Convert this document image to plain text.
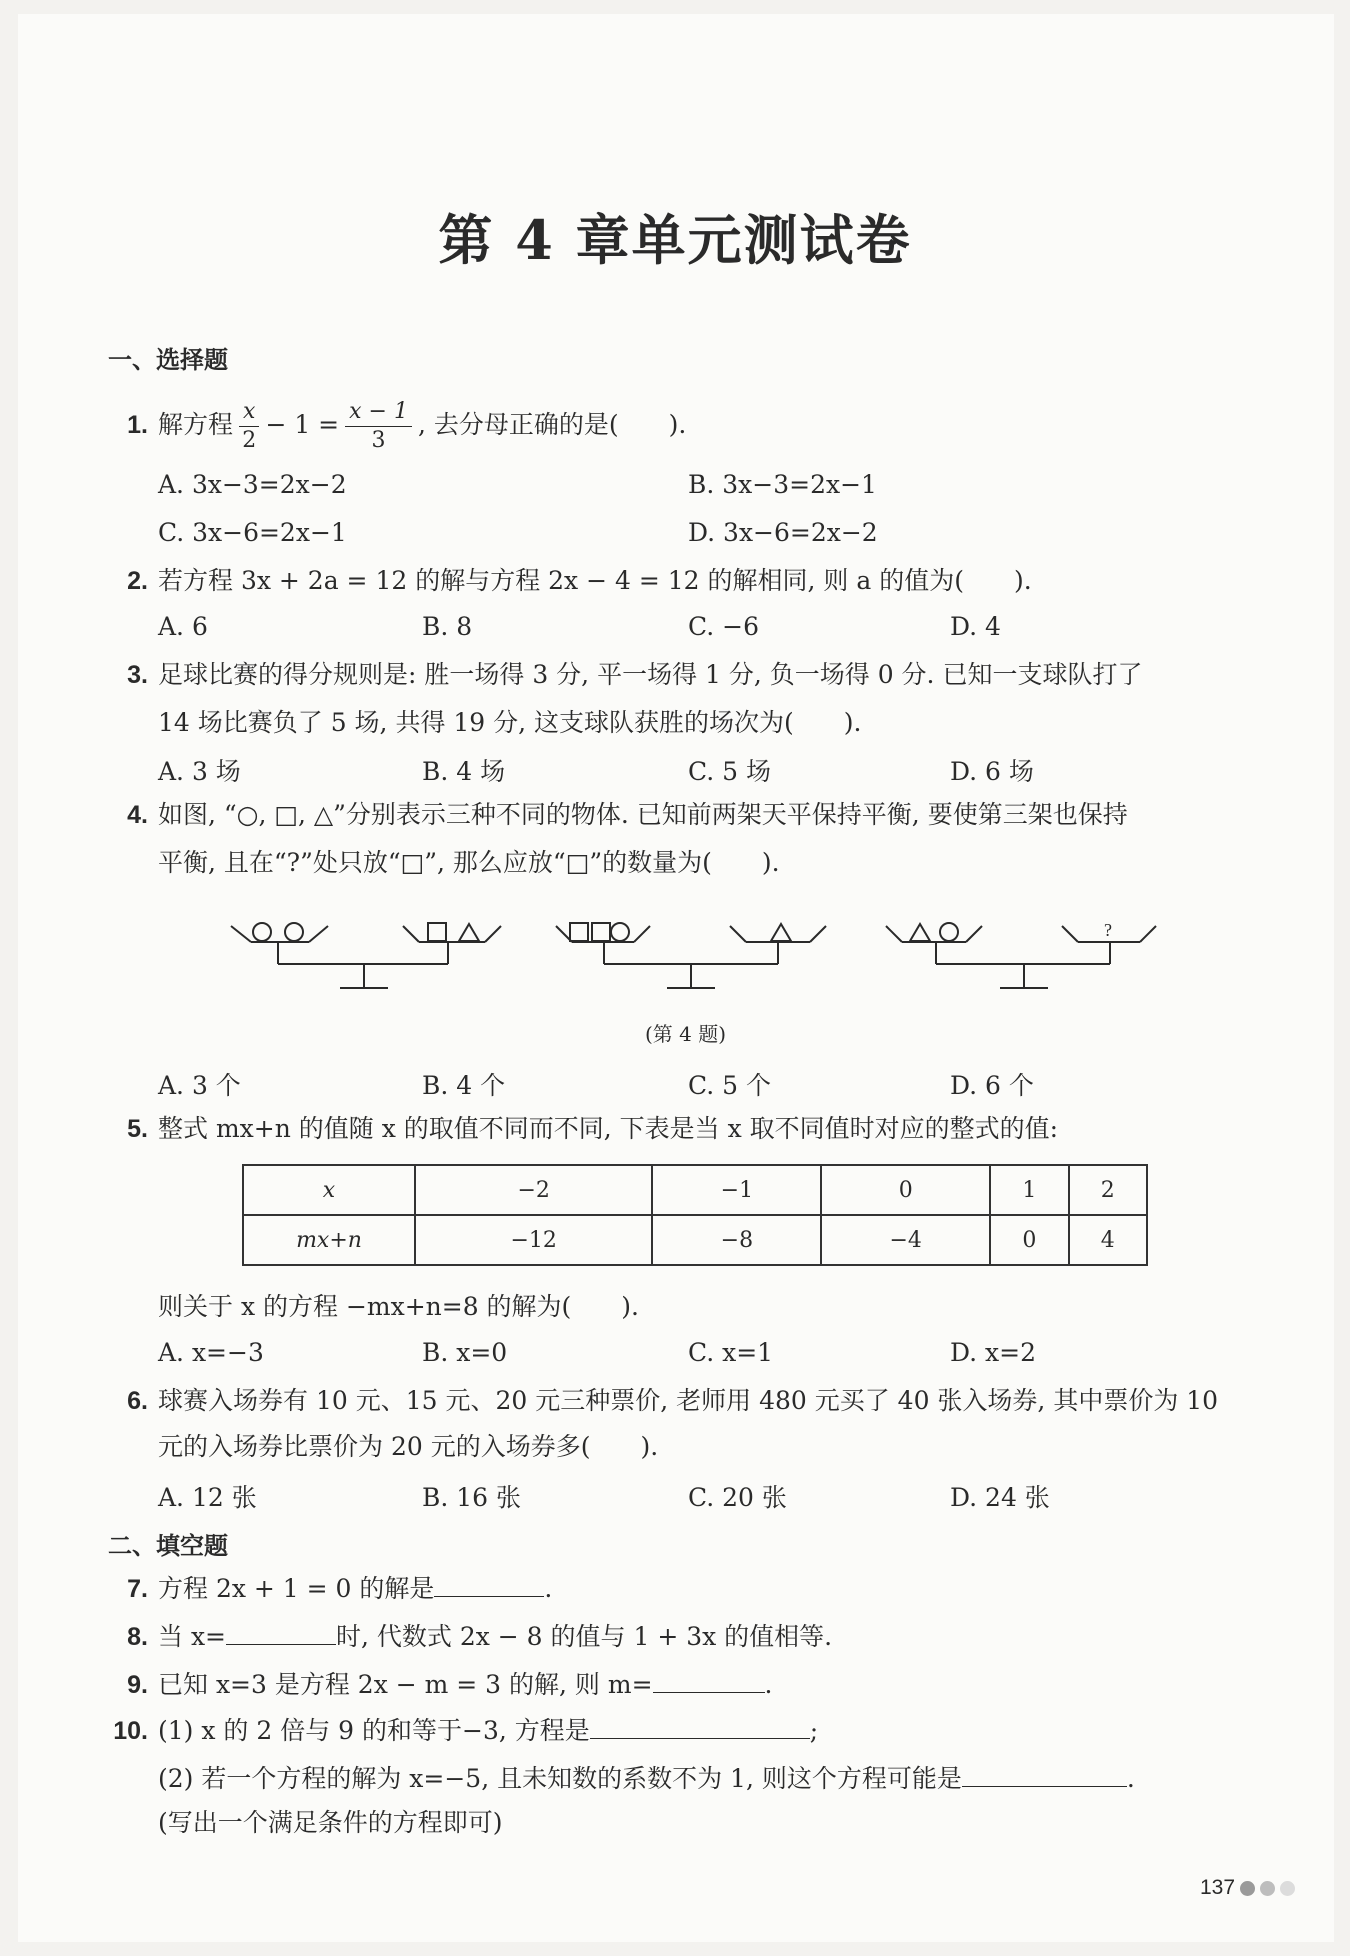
第 4 章单元测试卷
一、选择题
1. 解方程 $\frac{x}{2} - 1 = \frac{x - 1}{3}$ , 去分母正确的是(　　).
A. 3x−3=2x−2	B. 3x−3=2x−1
C. 3x−6=2x−1	D. 3x−6=2x−2
2. 若方程 3x + 2a = 12 的解与方程 2x − 4 = 12 的解相同, 则 a 的值为(　　).
A. 6	B. 8	C. −6	D. 4
3. 足球比赛的得分规则是: 胜一场得 3 分, 平一场得 1 分, 负一场得 0 分. 已知一支球队打了
14 场比赛负了 5 场, 共得 19 分, 这支球队获胜的场次为(　　).
A. 3 场	B. 4 场	C. 5 场	D. 6 场
4. 如图, “○, □, △”分别表示三种不同的物体. 已知前两架天平保持平衡, 要使第三架也保持
平衡, 且在“?”处只放“□”, 那么应放“□”的数量为(　　).
?
(第 4 题)
A. 3 个	B. 4 个	C. 5 个	D. 6 个
5. 整式 mx+n 的值随 x 的取值不同而不同, 下表是当 x 取不同值时对应的整式的值:
x	−2	−1	0	1	2
mx+n	−12	−8	−4	0	4
则关于 x 的方程 −mx+n=8 的解为(　　).
A. x=−3	B. x=0	C. x=1	D. x=2
6. 球赛入场券有 10 元、15 元、20 元三种票价, 老师用 480 元买了 40 张入场券, 其中票价为 10
元的入场券比票价为 20 元的入场券多(　　).
A. 12 张	B. 16 张	C. 20 张	D. 24 张
二、填空题
7. 方程 2x + 1 = 0 的解是	.
8. 当 x=	时, 代数式 2x − 8 的值与 1 + 3x 的值相等.
9. 已知 x=3 是方程 2x − m = 3 的解, 则 m=	.
10. (1) x 的 2 倍与 9 的和等于−3, 方程是	;
(2) 若一个方程的解为 x=−5, 且未知数的系数不为 1, 则这个方程可能是	.
(写出一个满足条件的方程即可)
137
